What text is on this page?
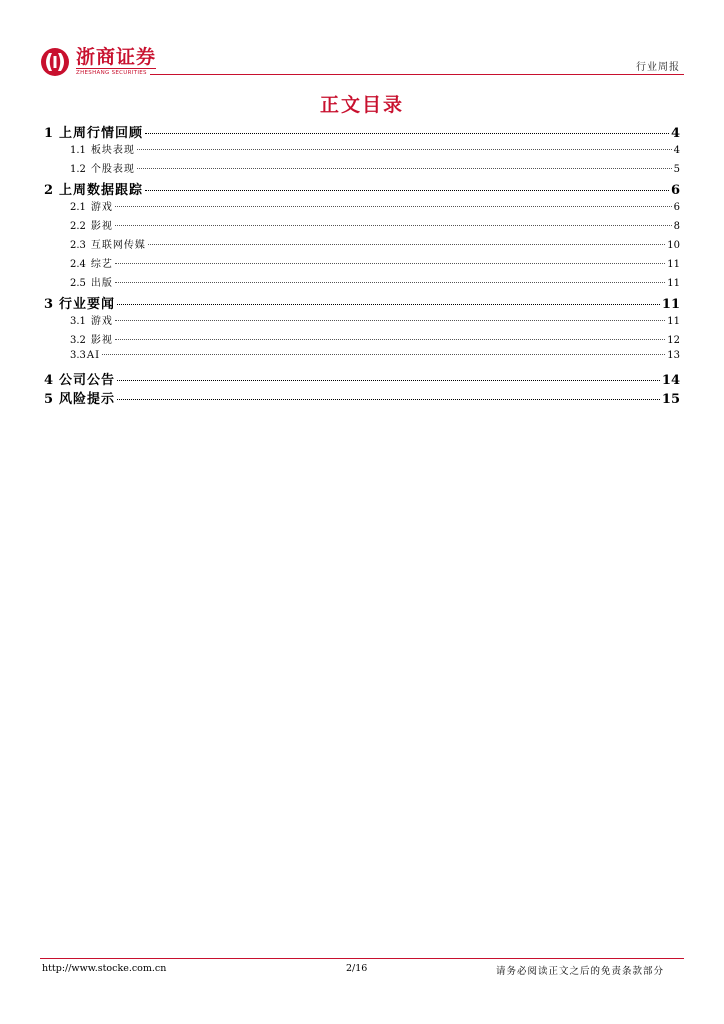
浙商证券
ZHESHANG SECURITIES	行业周报
正文目录
1 上周行情回顾	4
1.1 板块表现	4
1.2 个股表现	5
2 上周数据跟踪	6
2.1 游戏	6
2.2 影视	8
2.3 互联网传媒	10
2.4 综艺	11
2.5 出版	11
3 行业要闻	11
3.1 游戏	11
3.2 影视	12
3.3 AI	13
4 公司公告	14
5 风险提示	15
http://www.stocke.com.cn	2/16	请务必阅读正文之后的免责条款部分
